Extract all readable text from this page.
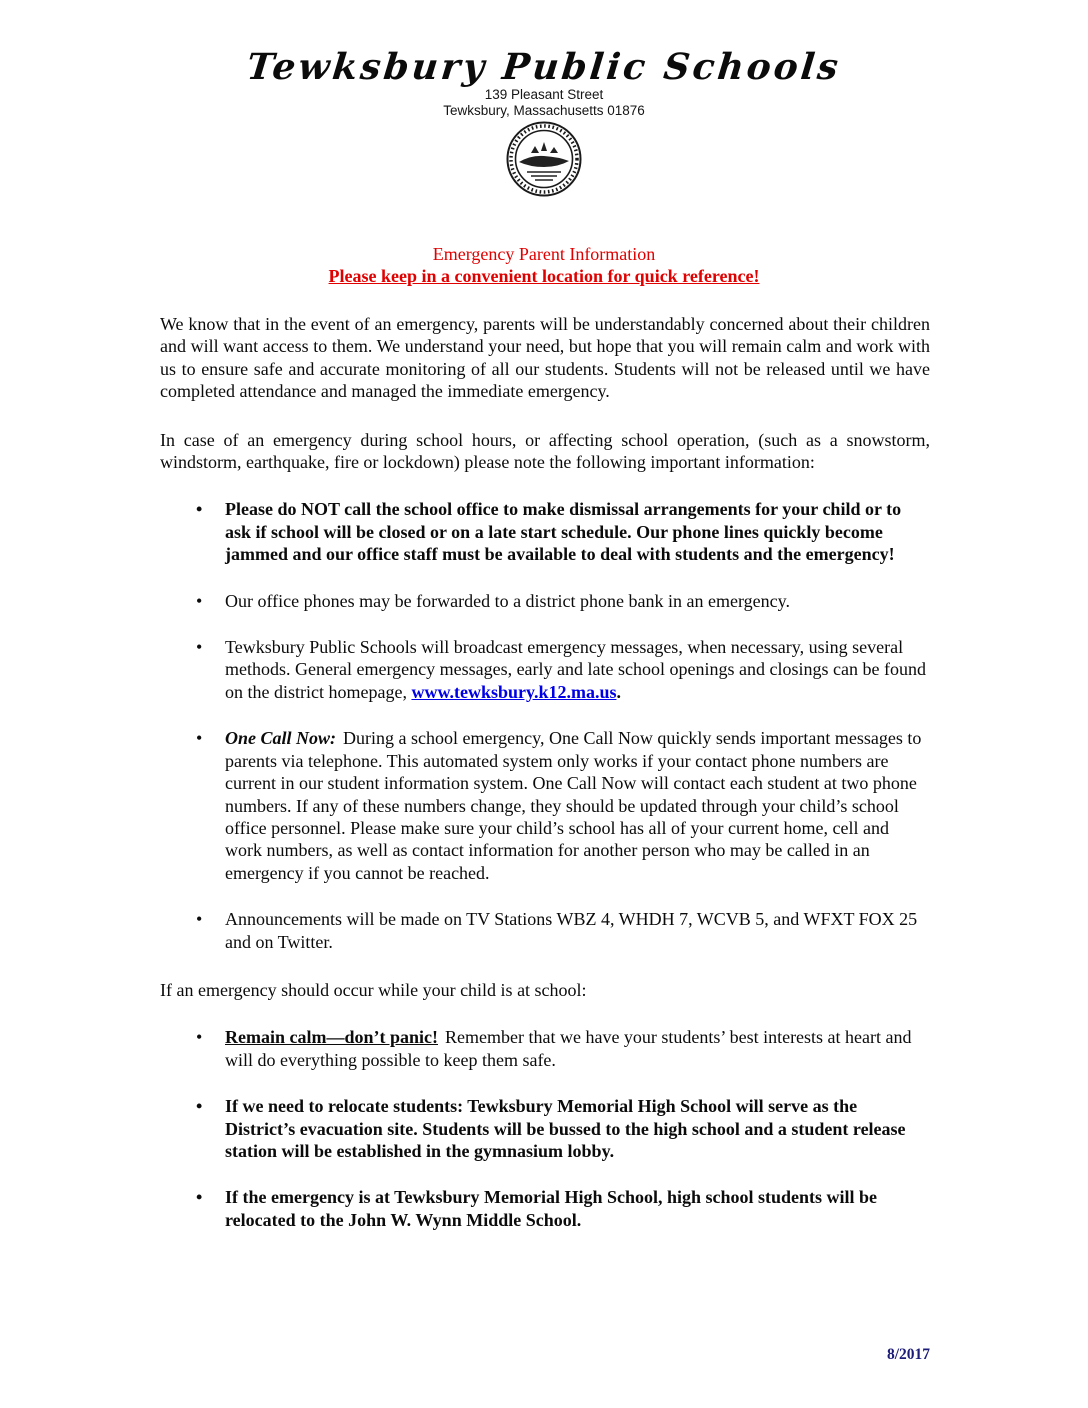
Tewksbury Public Schools
139 Pleasant Street
Tewksbury, Massachusetts 01876
Emergency Parent Information
Please keep in a convenient location for quick reference!

We know that in the event of an emergency, parents will be understandably concerned about their children and will want access to them. We understand your need, but hope that you will remain calm and work with us to ensure safe and accurate monitoring of all our students. Students will not be released until we have completed attendance and managed the immediate emergency.

In case of an emergency during school hours, or affecting school operation, (such as a snowstorm, windstorm, earthquake, fire or lockdown) please note the following important information:

• Please do NOT call the school office to make dismissal arrangements for your child or to ask if school will be closed or on a late start schedule. Our phone lines quickly become jammed and our office staff must be available to deal with students and the emergency!
• Our office phones may be forwarded to a district phone bank in an emergency.
• Tewksbury Public Schools will broadcast emergency messages, when necessary, using several methods. General emergency messages, early and late school openings and closings can be found on the district homepage, www.tewksbury.k12.ma.us.
• One Call Now: During a school emergency, One Call Now quickly sends important messages to parents via telephone. This automated system only works if your contact phone numbers are current in our student information system. One Call Now will contact each student at two phone numbers. If any of these numbers change, they should be updated through your child’s school office personnel. Please make sure your child’s school has all of your current home, cell and work numbers, as well as contact information for another person who may be called in an emergency if you cannot be reached.
• Announcements will be made on TV Stations WBZ 4, WHDH 7, WCVB 5, and WFXT FOX 25 and on Twitter.

If an emergency should occur while your child is at school:

• Remain calm—don’t panic! Remember that we have your students’ best interests at heart and will do everything possible to keep them safe.
• If we need to relocate students: Tewksbury Memorial High School will serve as the District’s evacuation site. Students will be bussed to the high school and a student release station will be established in the gymnasium lobby.
• If the emergency is at Tewksbury Memorial High School, high school students will be relocated to the John W. Wynn Middle School.
8/2017
